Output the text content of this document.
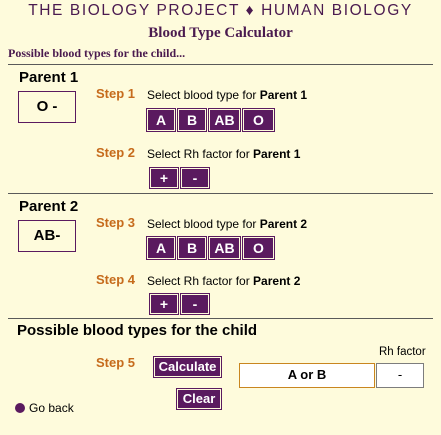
THE BIOLOGY PROJECT ♦ HUMAN BIOLOGY
Blood Type Calculator
Possible blood types for the child...
Parent 1
O -
Step 1 Select blood type for Parent 1
A	B	AB	O
Step 2 Select Rh factor for Parent 1
+	-
Parent 2
AB-
Step 3 Select blood type for Parent 2
A	B	AB	O
Step 4 Select Rh factor for Parent 2
+	-
Possible blood types for the child
Step 5	Calculate
Clear
Rh factor
A or B	-
Go back
